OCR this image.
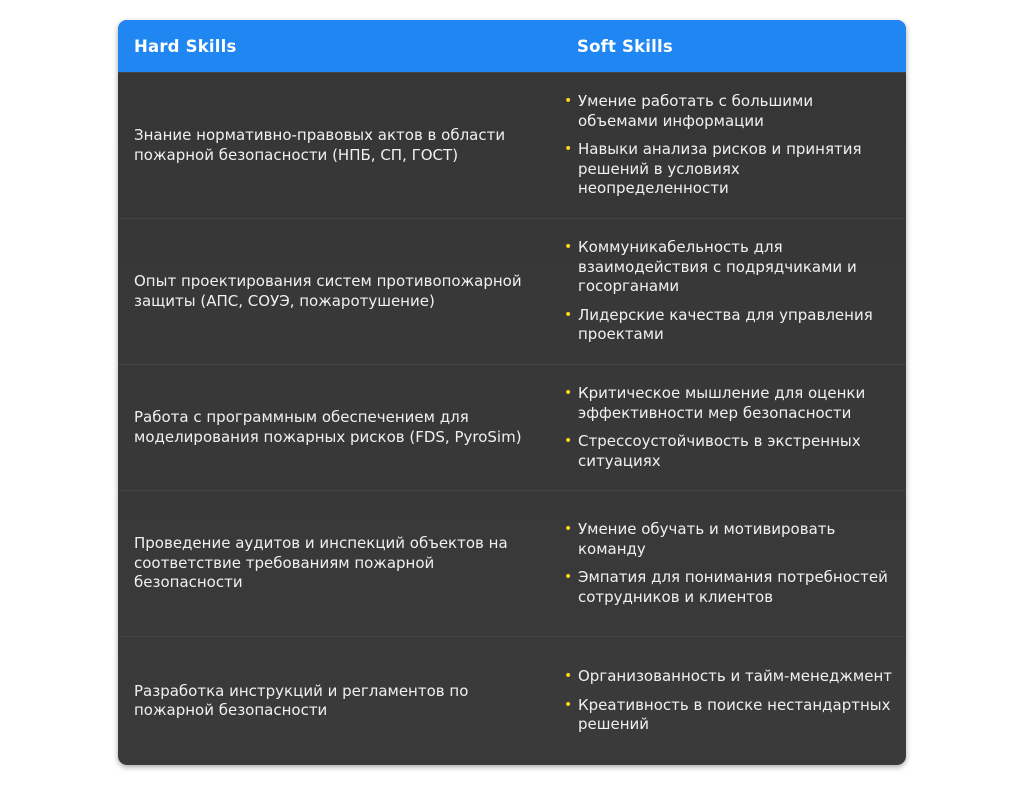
Hard Skills	Soft Skills
Знание нормативно-правовых актов в области пожарной безопасности (НПБ, СП, ГОСТ)
• Умение работать с большими объемами информации
• Навыки анализа рисков и принятия решений в условиях неопределенности
Опыт проектирования систем противопожарной защиты (АПС, СОУЭ, пожаротушение)
• Коммуникабельность для взаимодействия с подрядчиками и госорганами
• Лидерские качества для управления проектами
Работа с программным обеспечением для моделирования пожарных рисков (FDS, PyroSim)
• Критическое мышление для оценки эффективности мер безопасности
• Стрессоустойчивость в экстренных ситуациях
Проведение аудитов и инспекций объектов на соответствие требованиям пожарной безопасности
• Умение обучать и мотивировать команду
• Эмпатия для понимания потребностей сотрудников и клиентов
Разработка инструкций и регламентов по пожарной безопасности
• Организованность и тайм-менеджмент
• Креативность в поиске нестандартных решений
